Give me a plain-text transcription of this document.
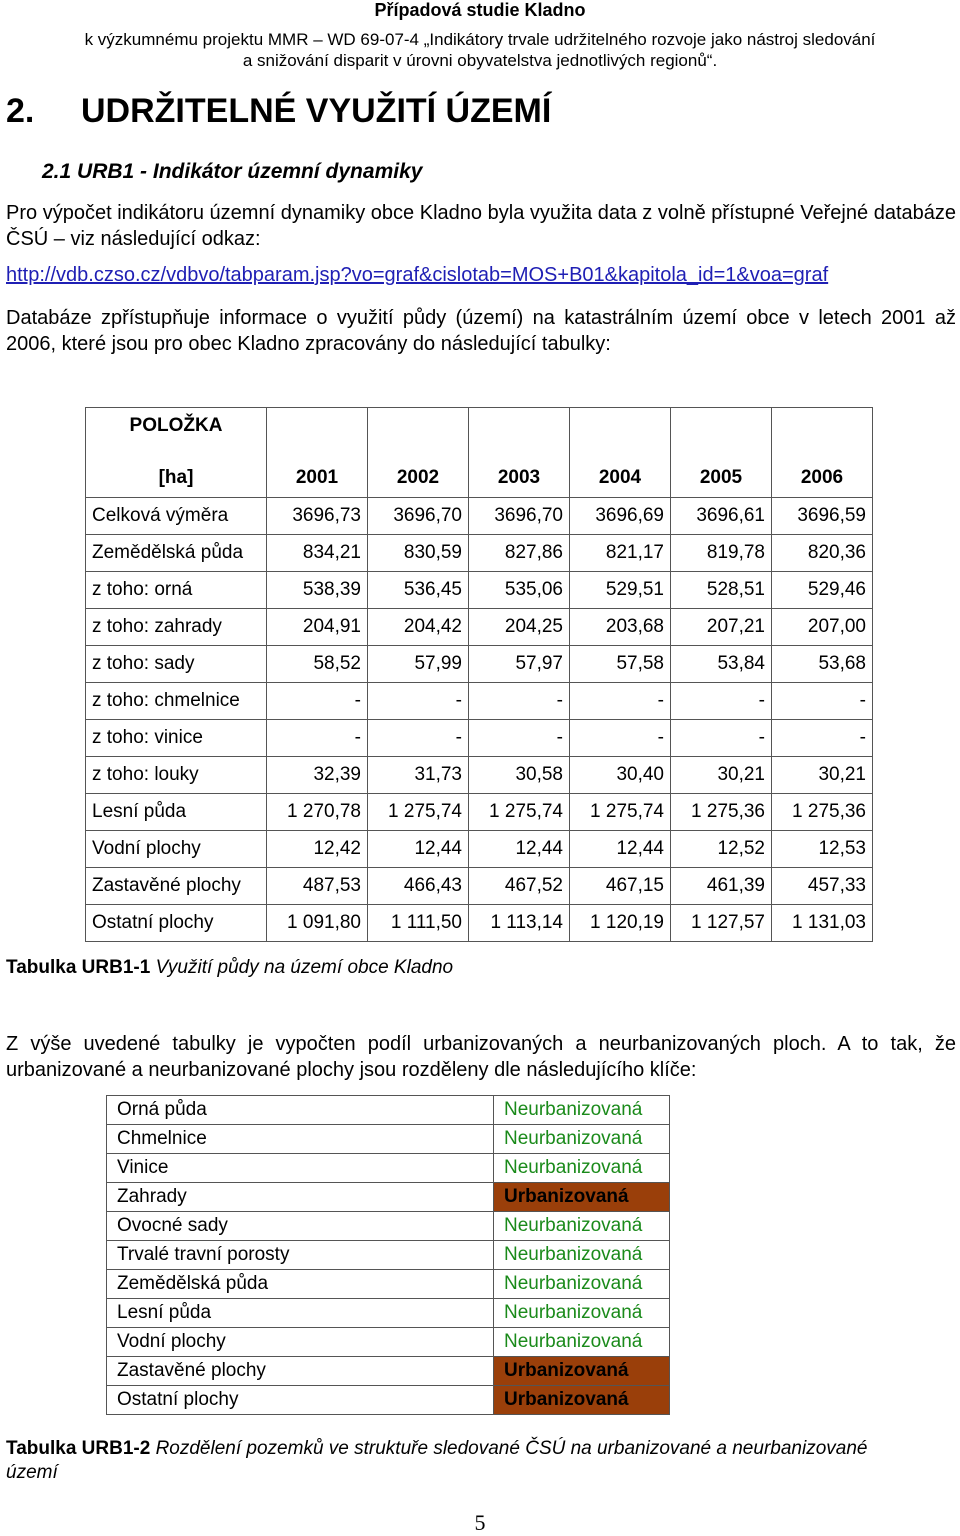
Případová studie Kladno
k výzkumnému projektu MMR – WD 69-07-4 „Indikátory trvale udržitelného rozvoje jako nástroj sledování
a snižování disparit v úrovni obyvatelstva jednotlivých regionů“.
2. UDRŽITELNÉ VYUŽITÍ ÚZEMÍ
2.1 URB1 - Indikátor územní dynamiky
Pro výpočet indikátoru územní dynamiky obce Kladno byla využita data z volně přístupné Veřejné databáze ČSÚ – viz následující odkaz:
http://vdb.czso.cz/vdbvo/tabparam.jsp?vo=graf&cislotab=MOS+B01&kapitola_id=1&voa=graf
Databáze zpřístupňuje informace o využití půdy (území) na katastrálním území obce v letech 2001 až 2006, které jsou pro obec Kladno zpracovány do následující tabulky:
POLOŽKA	2001	2002	2003	2004	2005	2006
[ha]						
Celková výměra	3696,73	3696,70	3696,70	3696,69	3696,61	3696,59
Zemědělská půda	834,21	830,59	827,86	821,17	819,78	820,36
z toho: orná	538,39	536,45	535,06	529,51	528,51	529,46
z toho: zahrady	204,91	204,42	204,25	203,68	207,21	207,00
z toho: sady	58,52	57,99	57,97	57,58	53,84	53,68
z toho: chmelnice	-	-	-	-	-	-
z toho: vinice	-	-	-	-	-	-
z toho: louky	32,39	31,73	30,58	30,40	30,21	30,21
Lesní půda	1 270,78	1 275,74	1 275,74	1 275,74	1 275,36	1 275,36
Vodní plochy	12,42	12,44	12,44	12,44	12,52	12,53
Zastavěné plochy	487,53	466,43	467,52	467,15	461,39	457,33
Ostatní plochy	1 091,80	1 111,50	1 113,14	1 120,19	1 127,57	1 131,03
Tabulka URB1-1 Využití půdy na území obce Kladno
Z výše uvedené tabulky je vypočten podíl urbanizovaných a neurbanizovaných ploch. A to tak, že urbanizované a neurbanizované plochy jsou rozděleny dle následujícího klíče:
Orná půda	Neurbanizovaná
Chmelnice	Neurbanizovaná
Vinice	Neurbanizovaná
Zahrady	Urbanizovaná
Ovocné sady	Neurbanizovaná
Trvalé travní porosty	Neurbanizovaná
Zemědělská půda	Neurbanizovaná
Lesní půda	Neurbanizovaná
Vodní plochy	Neurbanizovaná
Zastavěné plochy	Urbanizovaná
Ostatní plochy	Urbanizovaná
Tabulka URB1-2 Rozdělení pozemků ve struktuře sledované ČSÚ na urbanizované a neurbanizované území
5
